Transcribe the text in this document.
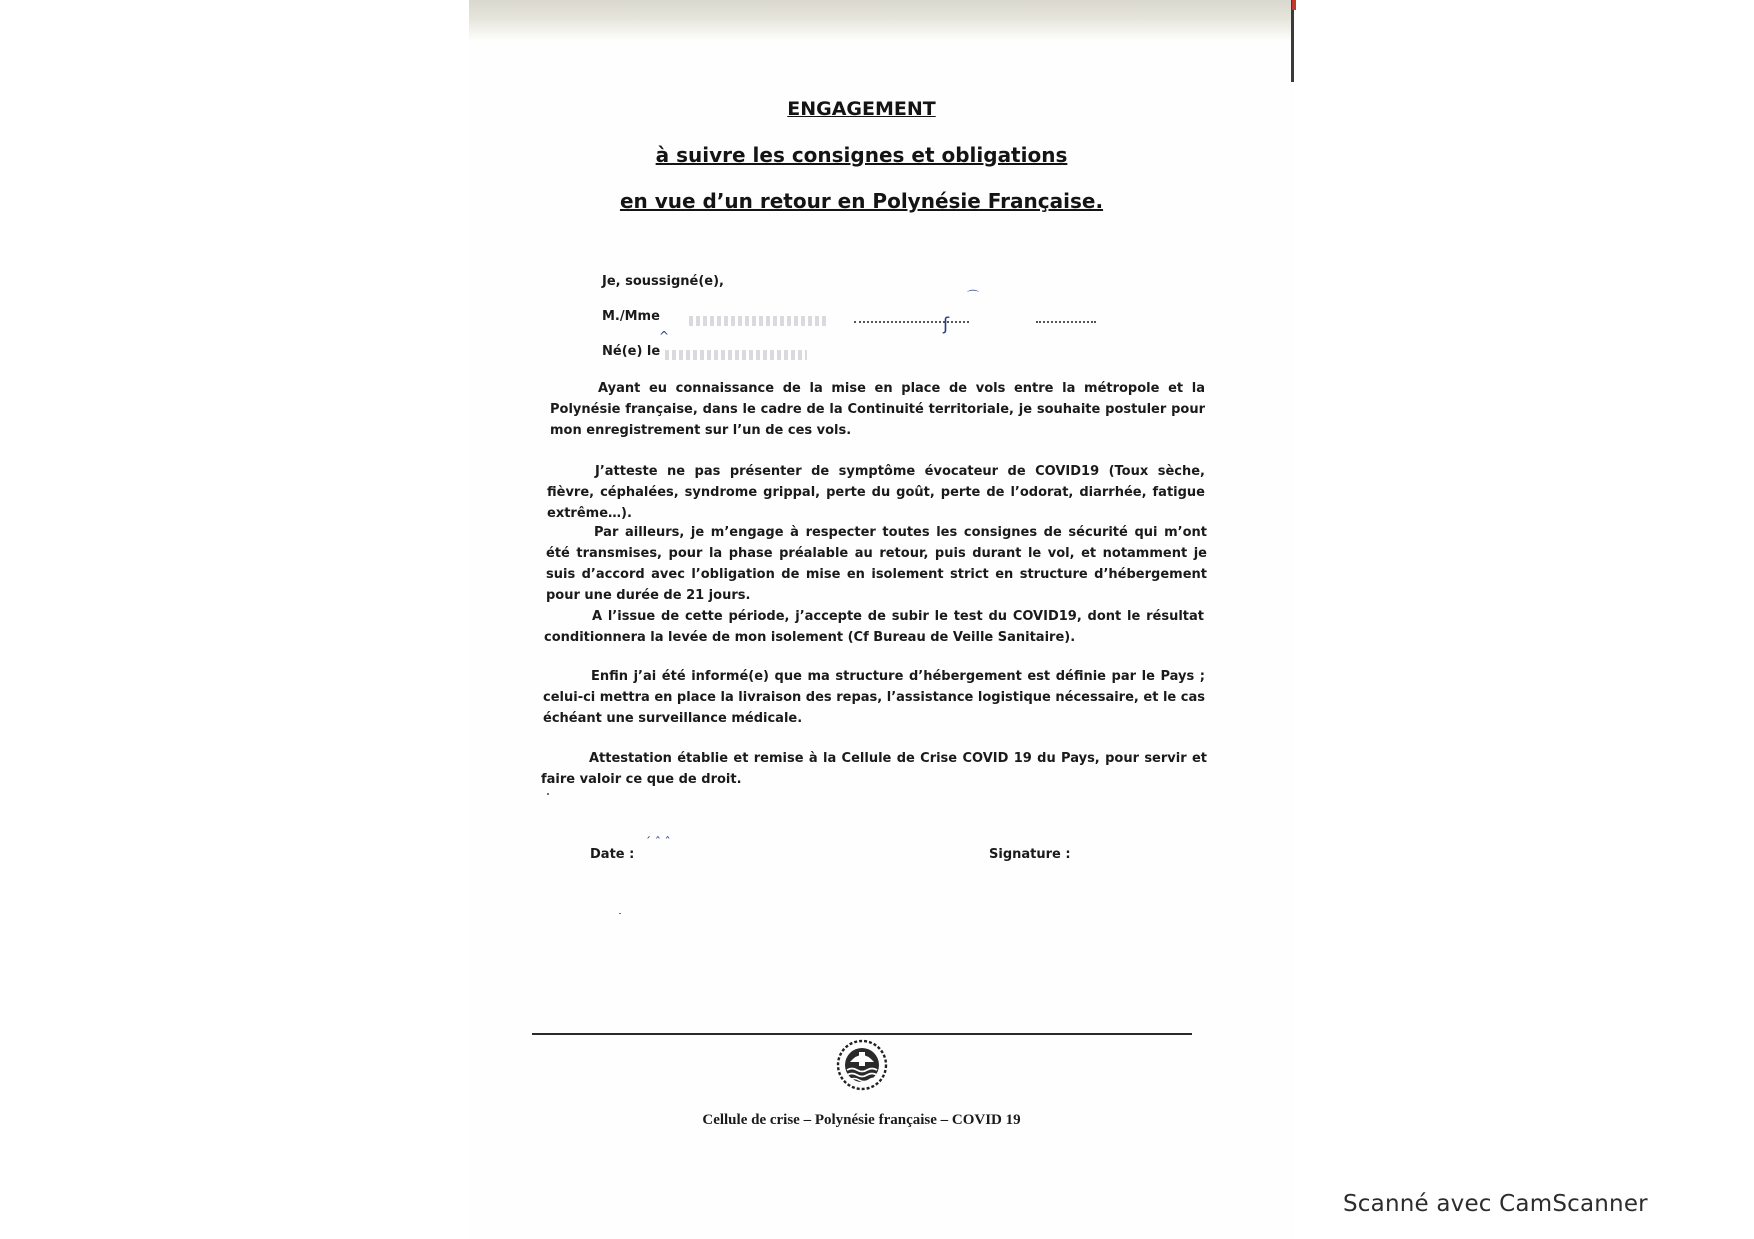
ENGAGEMENT
à suivre les consignes et obligations
en vue d’un retour en Polynésie Française.
Je, soussigné(e),
M./Mme	ʃ
⌒
Né(e) le
^

Ayant eu connaissance de la mise en place de vols entre la métropole et la Polynésie française, dans le cadre de la Continuité territoriale, je souhaite postuler pour mon enregistrement sur l’un de ces vols.

J’atteste ne pas présenter de symptôme évocateur de COVID19 (Toux sèche, fièvre, céphalées, syndrome grippal, perte du goût, perte de l’odorat, diarrhée, fatigue extrême…).

Par ailleurs, je m’engage à respecter toutes les consignes de sécurité qui m’ont été transmises, pour la phase préalable au retour, puis durant le vol, et notamment je suis d’accord avec l’obligation de mise en isolement strict en structure d’hébergement pour une durée de 21 jours.

A l’issue de cette période, j’accepte de subir le test du COVID19, dont le résultat conditionnera la levée de mon isolement (Cf Bureau de Veille Sanitaire).

Enfin j’ai été informé(e) que ma structure d’hébergement est définie par le Pays ; celui-ci mettra en place la livraison des repas, l’assistance logistique nécessaire, et le cas échéant une surveillance médicale.

Attestation établie et remise à la Cellule de Crise COVID 19 du Pays, pour servir et faire valoir ce que de droit.

Date :
ˊ ˆ ˆ
Signature :
Cellule de crise – Polynésie française – COVID 19
Scanné avec CamScanner
